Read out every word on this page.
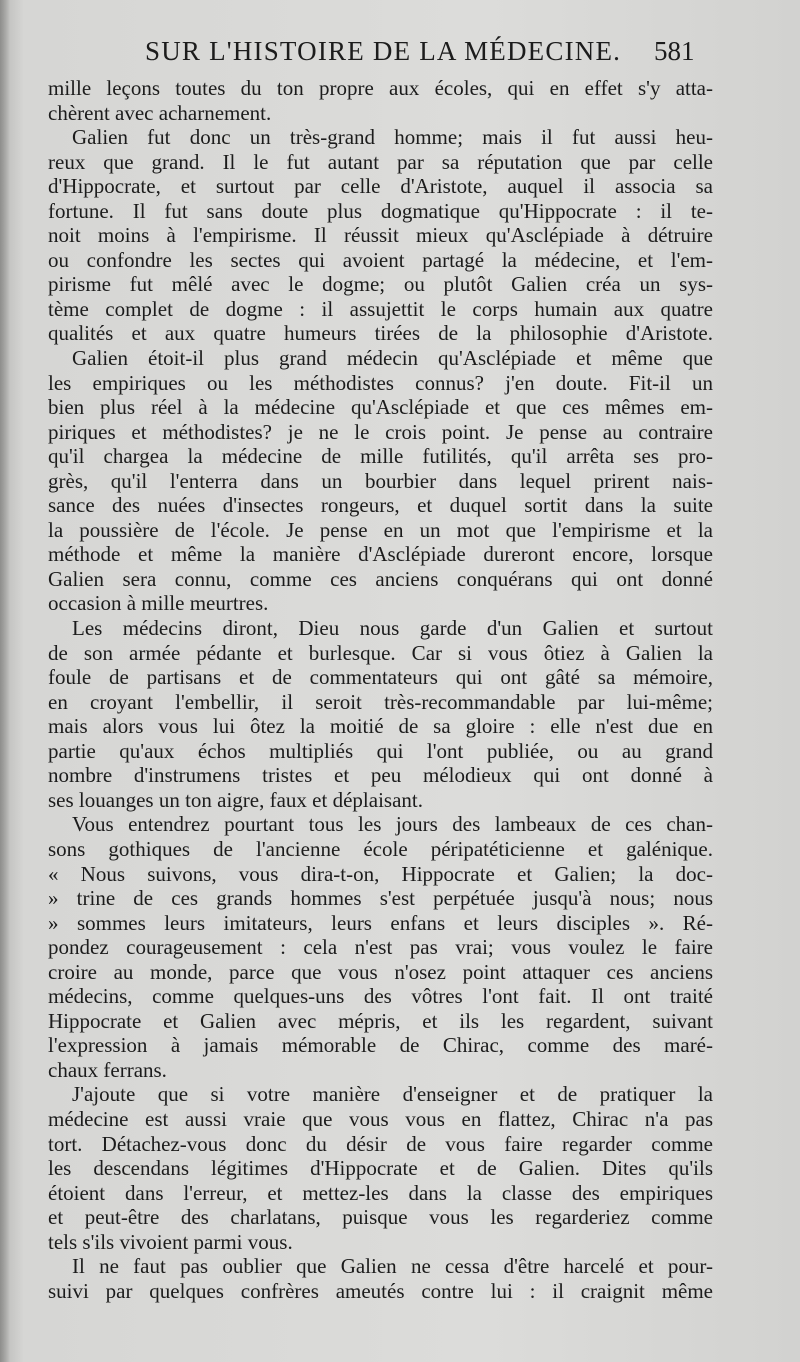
SUR L'HISTOIRE DE LA MÉDECINE. 581
mille leçons toutes du ton propre aux écoles, qui en effet s'y atta-
chèrent avec acharnement.
Galien fut donc un très-grand homme; mais il fut aussi heu-
reux que grand. Il le fut autant par sa réputation que par celle
d'Hippocrate, et surtout par celle d'Aristote, auquel il associa sa
fortune. Il fut sans doute plus dogmatique qu'Hippocrate : il te-
noit moins à l'empirisme. Il réussit mieux qu'Asclépiade à détruire
ou confondre les sectes qui avoient partagé la médecine, et l'em-
pirisme fut mêlé avec le dogme; ou plutôt Galien créa un sys-
tème complet de dogme : il assujettit le corps humain aux quatre
qualités et aux quatre humeurs tirées de la philosophie d'Aristote.
Galien étoit-il plus grand médecin qu'Asclépiade et même que
les empiriques ou les méthodistes connus? j'en doute. Fit-il un
bien plus réel à la médecine qu'Asclépiade et que ces mêmes em-
piriques et méthodistes? je ne le crois point. Je pense au contraire
qu'il chargea la médecine de mille futilités, qu'il arrêta ses pro-
grès, qu'il l'enterra dans un bourbier dans lequel prirent nais-
sance des nuées d'insectes rongeurs, et duquel sortit dans la suite
la poussière de l'école. Je pense en un mot que l'empirisme et la
méthode et même la manière d'Asclépiade dureront encore, lorsque
Galien sera connu, comme ces anciens conquérans qui ont donné
occasion à mille meurtres.
Les médecins diront, Dieu nous garde d'un Galien et surtout
de son armée pédante et burlesque. Car si vous ôtiez à Galien la
foule de partisans et de commentateurs qui ont gâté sa mémoire,
en croyant l'embellir, il seroit très-recommandable par lui-même;
mais alors vous lui ôtez la moitié de sa gloire : elle n'est due en
partie qu'aux échos multipliés qui l'ont publiée, ou au grand
nombre d'instrumens tristes et peu mélodieux qui ont donné à
ses louanges un ton aigre, faux et déplaisant.
Vous entendrez pourtant tous les jours des lambeaux de ces chan-
sons gothiques de l'ancienne école péripatéticienne et galénique.
« Nous suivons, vous dira-t-on, Hippocrate et Galien; la doc-
» trine de ces grands hommes s'est perpétuée jusqu'à nous; nous
» sommes leurs imitateurs, leurs enfans et leurs disciples ». Ré-
pondez courageusement : cela n'est pas vrai; vous voulez le faire
croire au monde, parce que vous n'osez point attaquer ces anciens
médecins, comme quelques-uns des vôtres l'ont fait. Il ont traité
Hippocrate et Galien avec mépris, et ils les regardent, suivant
l'expression à jamais mémorable de Chirac, comme des maré-
chaux ferrans.
J'ajoute que si votre manière d'enseigner et de pratiquer la
médecine est aussi vraie que vous vous en flattez, Chirac n'a pas
tort. Détachez-vous donc du désir de vous faire regarder comme
les descendans légitimes d'Hippocrate et de Galien. Dites qu'ils
étoient dans l'erreur, et mettez-les dans la classe des empiriques
et peut-être des charlatans, puisque vous les regarderiez comme
tels s'ils vivoient parmi vous.
Il ne faut pas oublier que Galien ne cessa d'être harcelé et pour-
suivi par quelques confrères ameutés contre lui : il craignit même
